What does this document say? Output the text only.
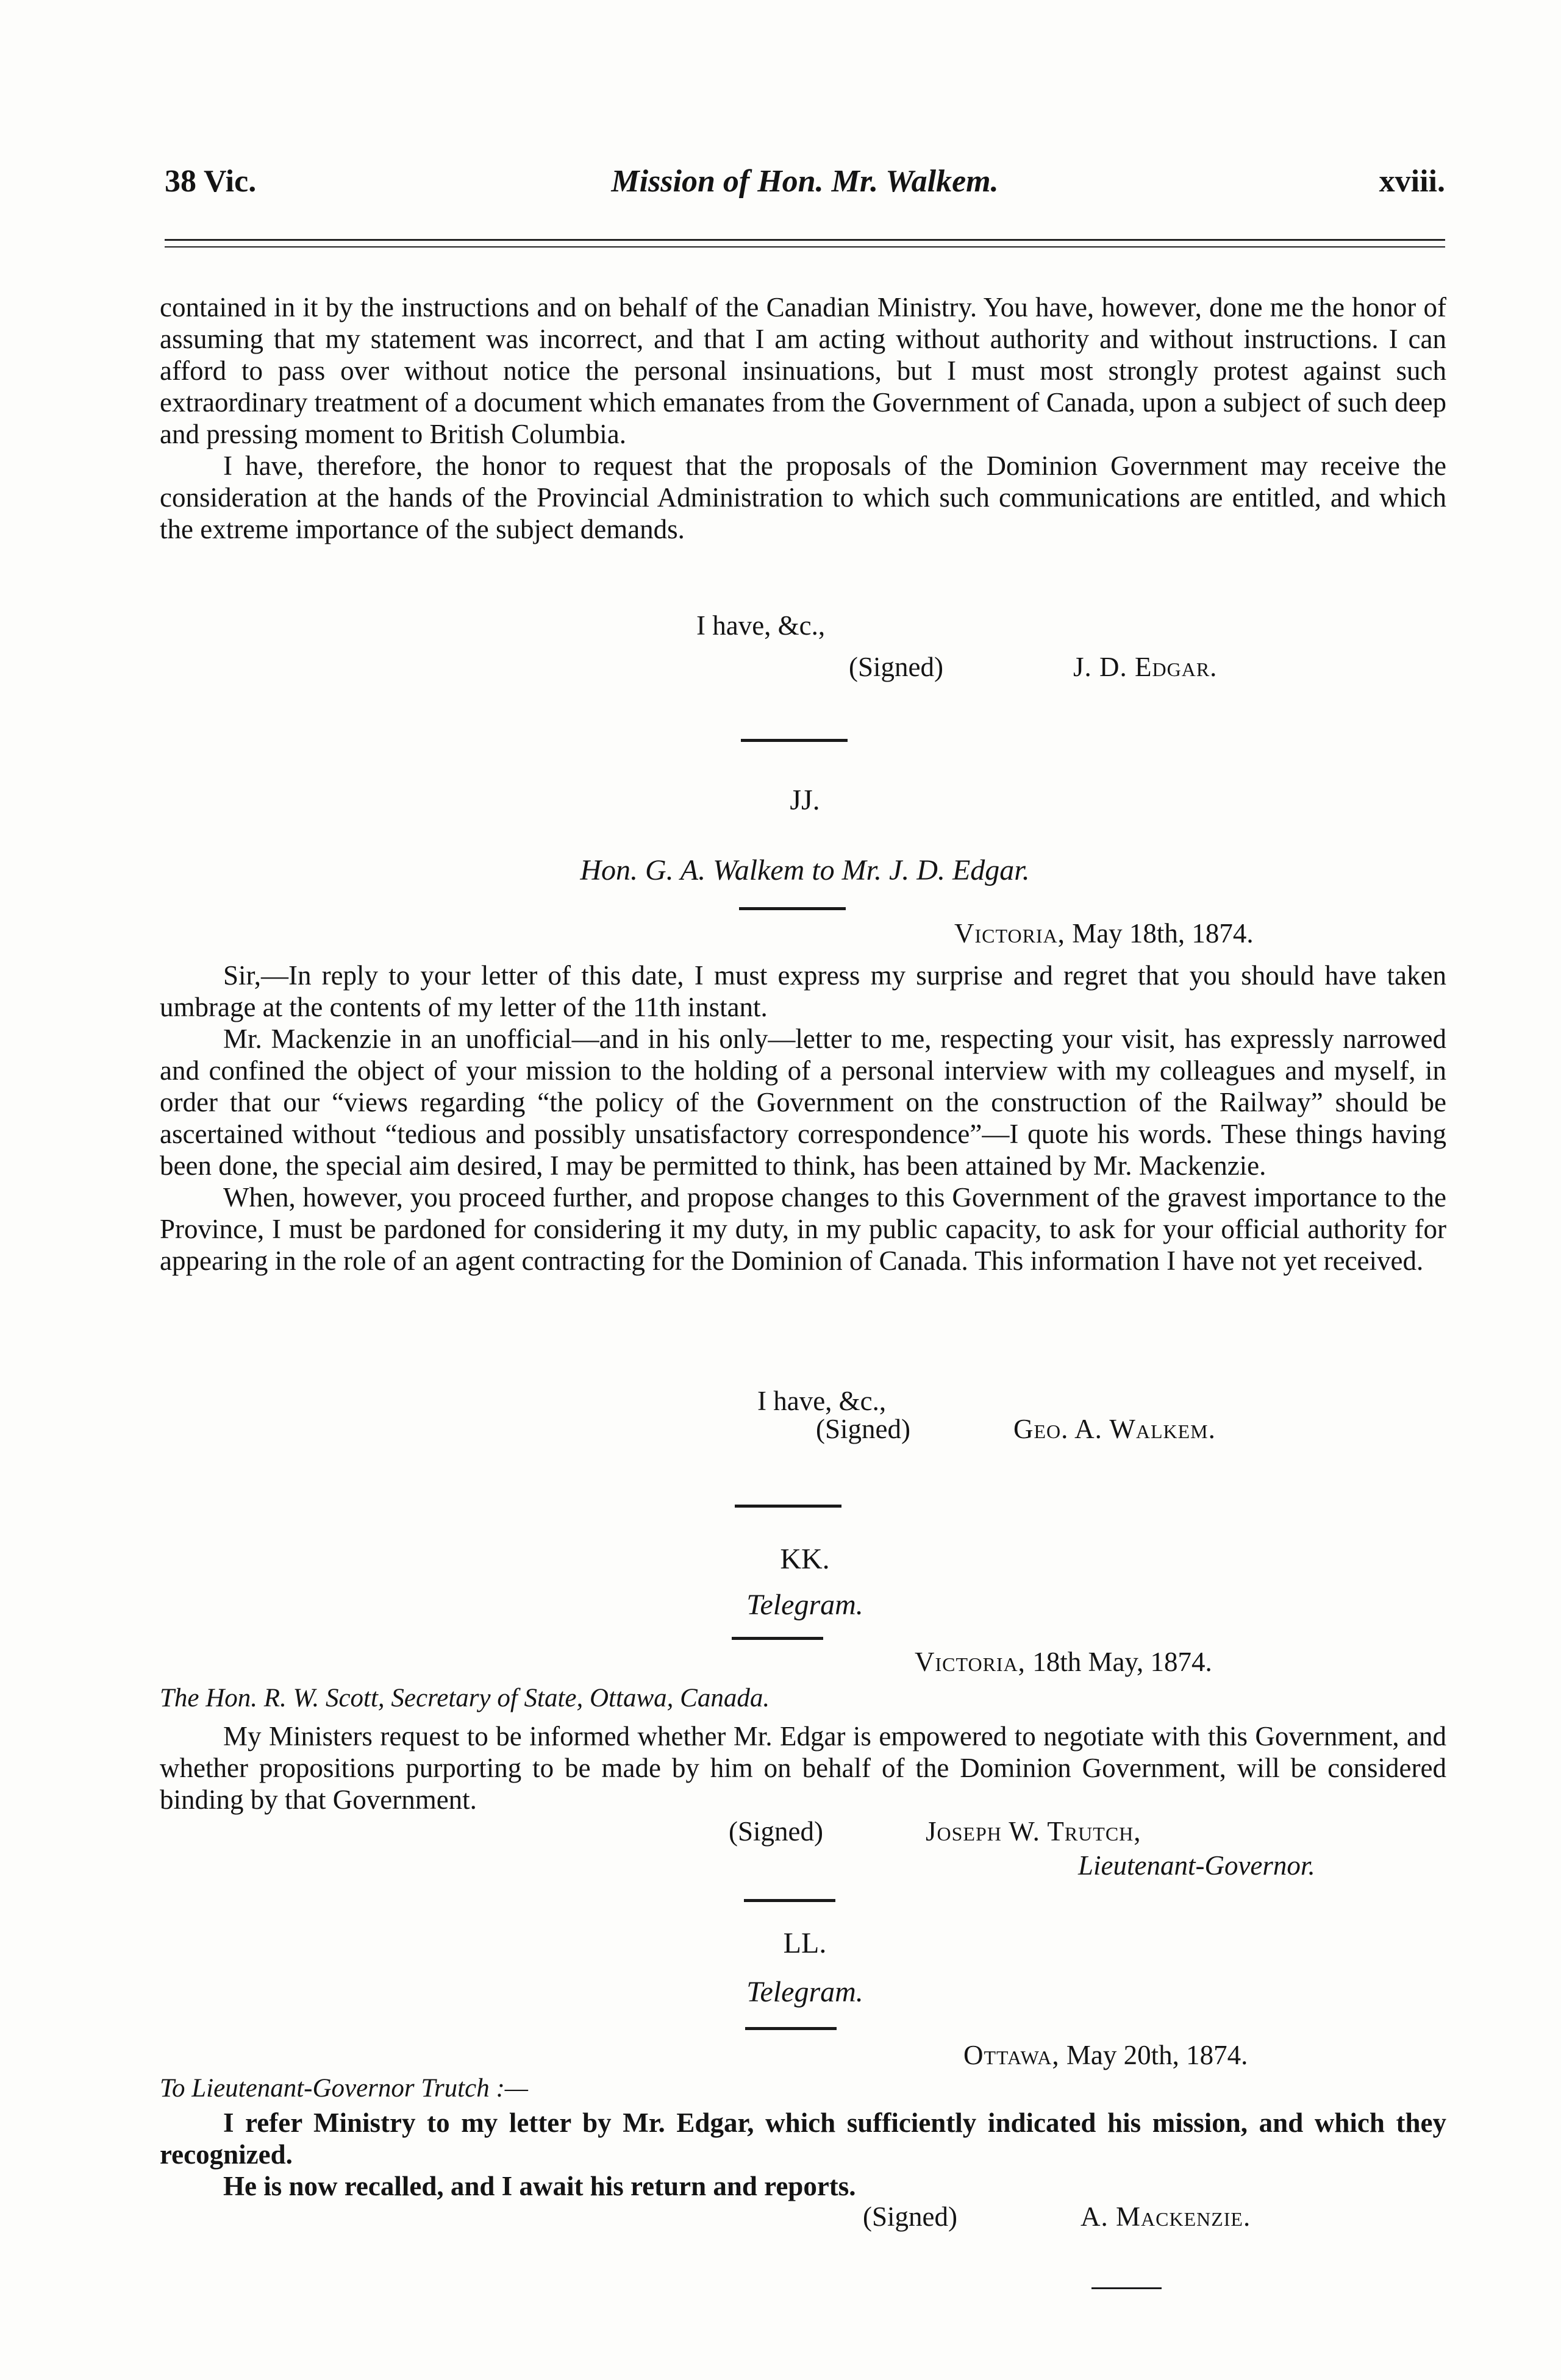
Mission of Hon. Mr. Walkem.
38 Vic.	xviii.

contained in it by the instructions and on behalf of the Canadian Ministry. You have, however, done me the honor of assuming that my statement was incorrect, and that I am acting without authority and without instructions. I can afford to pass over without notice the personal insinuations, but I must most strongly protest against such extraordinary treatment of a document which emanates from the Government of Canada, upon a subject of such deep and pressing moment to British Columbia.

I have, therefore, the honor to request that the proposals of the Dominion Government may receive the consideration at the hands of the Provincial Administration to which such communications are entitled, and which the extreme importance of the subject demands.

I have, &c.,
(Signed)	J. D. Edgar.
JJ.
Hon. G. A. Walkem to Mr. J. D. Edgar.
Victoria, May 18th, 1874.

Sir,—In reply to your letter of this date, I must express my surprise and regret that you should have taken umbrage at the contents of my letter of the 11th instant.

Mr. Mackenzie in an unofficial—and in his only—letter to me, respecting your visit, has expressly narrowed and confined the object of your mission to the holding of a personal interview with my colleagues and myself, in order that our “views regarding “the policy of the Government on the construction of the Railway” should be ascertained without “tedious and possibly unsatisfactory correspondence”—I quote his words. These things having been done, the special aim desired, I may be permitted to think, has been attained by Mr. Mackenzie.

When, however, you proceed further, and propose changes to this Government of the gravest importance to the Province, I must be pardoned for considering it my duty, in my public capacity, to ask for your official authority for appearing in the role of an agent contracting for the Dominion of Canada. This information I have not yet received.

I have, &c.,
(Signed)	Geo. A. Walkem.
KK.
Telegram.
Victoria, 18th May, 1874.
The Hon. R. W. Scott, Secretary of State, Ottawa, Canada.

My Ministers request to be informed whether Mr. Edgar is empowered to negotiate with this Government, and whether propositions purporting to be made by him on behalf of the Dominion Government, will be considered binding by that Government.

(Signed)	Joseph W. Trutch,
Lieutenant-Governor.
LL.
Telegram.
Ottawa, May 20th, 1874.
To Lieutenant-Governor Trutch :—

I refer Ministry to my letter by Mr. Edgar, which sufficiently indicated his mission, and which they recognized.

He is now recalled, and I await his return and reports.

(Signed)	A. Mackenzie.
